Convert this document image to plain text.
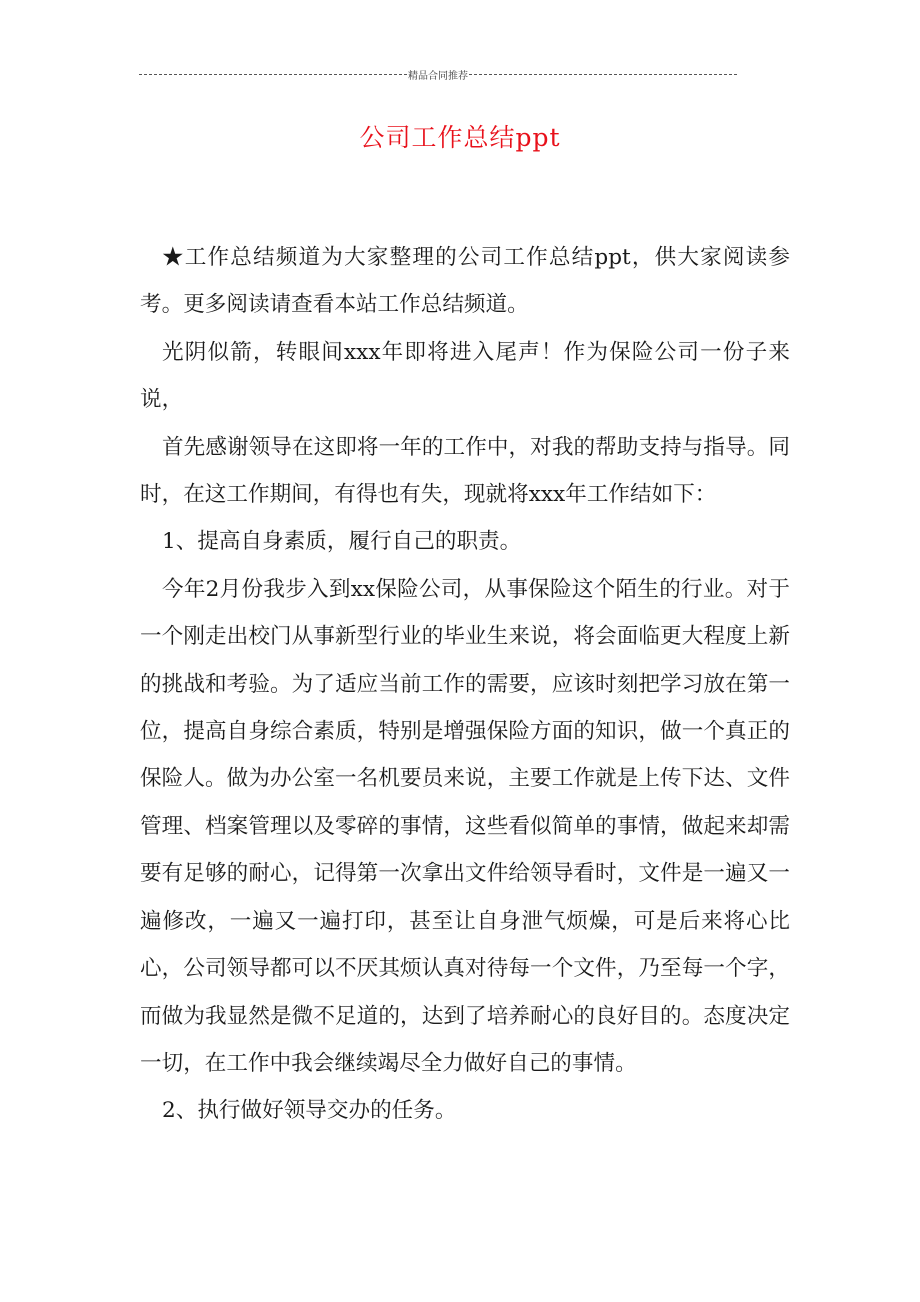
精品合同推荐
公司工作总结ppt

★工作总结频道为大家整理的公司工作总结ppt，供大家阅读参考。更多阅读请查看本站工作总结频道。

光阴似箭，转眼间xxx年即将进入尾声！作为保险公司一份子来说，

首先感谢领导在这即将一年的工作中，对我的帮助支持与指导。同时，在这工作期间，有得也有失，现就将xxx年工作结如下：

1、提高自身素质，履行自己的职责。

今年2月份我步入到xx保险公司，从事保险这个陌生的行业。对于一个刚走出校门从事新型行业的毕业生来说，将会面临更大程度上新的挑战和考验。为了适应当前工作的需要，应该时刻把学习放在第一位，提高自身综合素质，特别是增强保险方面的知识，做一个真正的保险人。做为办公室一名机要员来说，主要工作就是上传下达、文件管理、档案管理以及零碎的事情，这些看似简单的事情，做起来却需要有足够的耐心，记得第一次拿出文件给领导看时，文件是一遍又一遍修改，一遍又一遍打印，甚至让自身泄气烦燥，可是后来将心比心，公司领导都可以不厌其烦认真对待每一个文件，乃至每一个字，而做为我显然是微不足道的，达到了培养耐心的良好目的。态度决定一切，在工作中我会继续竭尽全力做好自己的事情。

2、执行做好领导交办的任务。
